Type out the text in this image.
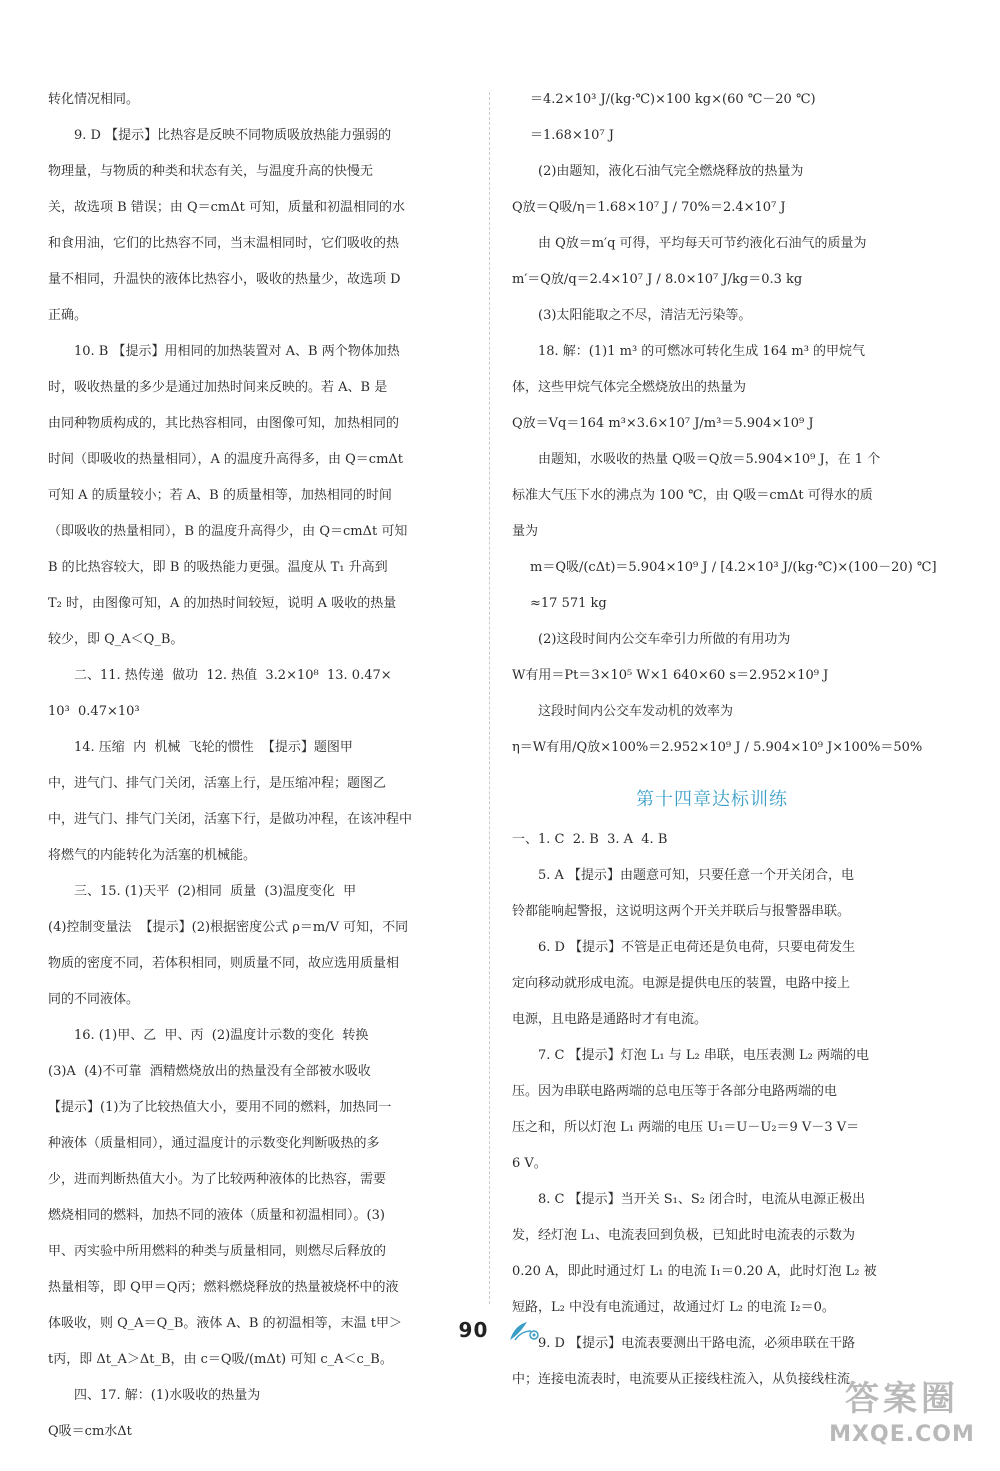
转化情况相同。
9. D 【提示】比热容是反映不同物质吸放热能力强弱的
物理量，与物质的种类和状态有关，与温度升高的快慢无
关，故选项 B 错误；由 Q＝cmΔt 可知，质量和初温相同的水
和食用油，它们的比热容不同，当末温相同时，它们吸收的热
量不相同，升温快的液体比热容小，吸收的热量少，故选项 D
正确。
10. B 【提示】用相同的加热装置对 A、B 两个物体加热
时，吸收热量的多少是通过加热时间来反映的。若 A、B 是
由同种物质构成的，其比热容相同，由图像可知，加热相同的
时间（即吸收的热量相同），A 的温度升高得多，由 Q＝cmΔt
可知 A 的质量较小；若 A、B 的质量相等，加热相同的时间
（即吸收的热量相同），B 的温度升高得少，由 Q＝cmΔt 可知
B 的比热容较大，即 B 的吸热能力更强。温度从 T₁ 升高到
T₂ 时，由图像可知，A 的加热时间较短，说明 A 吸收的热量
较少，即 Q_A＜Q_B。
二、11. 热传递  做功  12. 热值  3.2×10⁸  13. 0.47×
10³  0.47×10³
14. 压缩  内  机械  飞轮的惯性  【提示】题图甲
中，进气门、排气门关闭，活塞上行，是压缩冲程；题图乙
中，进气门、排气门关闭，活塞下行，是做功冲程，在该冲程中
将燃气的内能转化为活塞的机械能。
三、15. (1)天平  (2)相同  质量  (3)温度变化  甲
(4)控制变量法  【提示】(2)根据密度公式 ρ＝m/V 可知，不同
物质的密度不同，若体积相同，则质量不同，故应选用质量相
同的不同液体。
16. (1)甲、乙  甲、丙  (2)温度计示数的变化  转换
(3)A  (4)不可靠  酒精燃烧放出的热量没有全部被水吸收
【提示】(1)为了比较热值大小，要用不同的燃料，加热同一
种液体（质量相同），通过温度计的示数变化判断吸热的多
少，进而判断热值大小。为了比较两种液体的比热容，需要
燃烧相同的燃料，加热不同的液体（质量和初温相同）。(3)
甲、丙实验中所用燃料的种类与质量相同，则燃尽后释放的
热量相等，即 Q甲＝Q丙；燃料燃烧释放的热量被烧杯中的液
体吸收，则 Q_A＝Q_B。液体 A、B 的初温相等，末温 t甲＞
t丙，即 Δt_A＞Δt_B，由 c＝Q吸/(mΔt) 可知 c_A＜c_B。
四、17. 解：(1)水吸收的热量为
Q吸＝cm水Δt
＝4.2×10³ J/(kg·℃)×100 kg×(60 ℃－20 ℃)
＝1.68×10⁷ J
(2)由题知，液化石油气完全燃烧释放的热量为
Q放＝Q吸/η＝1.68×10⁷ J / 70%＝2.4×10⁷ J
由 Q放＝m′q 可得，平均每天可节约液化石油气的质量为
m′＝Q放/q＝2.4×10⁷ J / 8.0×10⁷ J/kg＝0.3 kg
(3)太阳能取之不尽，清洁无污染等。
18. 解：(1)1 m³ 的可燃冰可转化生成 164 m³ 的甲烷气
体，这些甲烷气体完全燃烧放出的热量为
Q放＝Vq＝164 m³×3.6×10⁷ J/m³＝5.904×10⁹ J
由题知，水吸收的热量 Q吸＝Q放＝5.904×10⁹ J，在 1 个
标准大气压下水的沸点为 100 ℃，由 Q吸＝cmΔt 可得水的质
量为
m＝Q吸/(cΔt)＝5.904×10⁹ J / [4.2×10³ J/(kg·℃)×(100－20) ℃]
≈17 571 kg
(2)这段时间内公交车牵引力所做的有用功为
W有用＝Pt＝3×10⁵ W×1 640×60 s＝2.952×10⁹ J
这段时间内公交车发动机的效率为
η＝W有用/Q放×100%＝2.952×10⁹ J / 5.904×10⁹ J×100%＝50%
第十四章达标训练
一、1. C  2. B  3. A  4. B
5. A 【提示】由题意可知，只要任意一个开关闭合，电
铃都能响起警报，这说明这两个开关并联后与报警器串联。
6. D 【提示】不管是正电荷还是负电荷，只要电荷发生
定向移动就形成电流。电源是提供电压的装置，电路中接上
电源，且电路是通路时才有电流。
7. C 【提示】灯泡 L₁ 与 L₂ 串联，电压表测 L₂ 两端的电
压。因为串联电路两端的总电压等于各部分电路两端的电
压之和，所以灯泡 L₁ 两端的电压 U₁＝U－U₂＝9 V－3 V＝
6 V。
8. C 【提示】当开关 S₁、S₂ 闭合时，电流从电源正极出
发，经灯泡 L₁、电流表回到负极，已知此时电流表的示数为
0.20 A，即此时通过灯 L₁ 的电流 I₁＝0.20 A，此时灯泡 L₂ 被
短路，L₂ 中没有电流通过，故通过灯 L₂ 的电流 I₂＝0。
9. D 【提示】电流表要测出干路电流，必须串联在干路
中；连接电流表时，电流要从正接线柱流入，从负接线柱流
90
答案圈
MXQE.COM
